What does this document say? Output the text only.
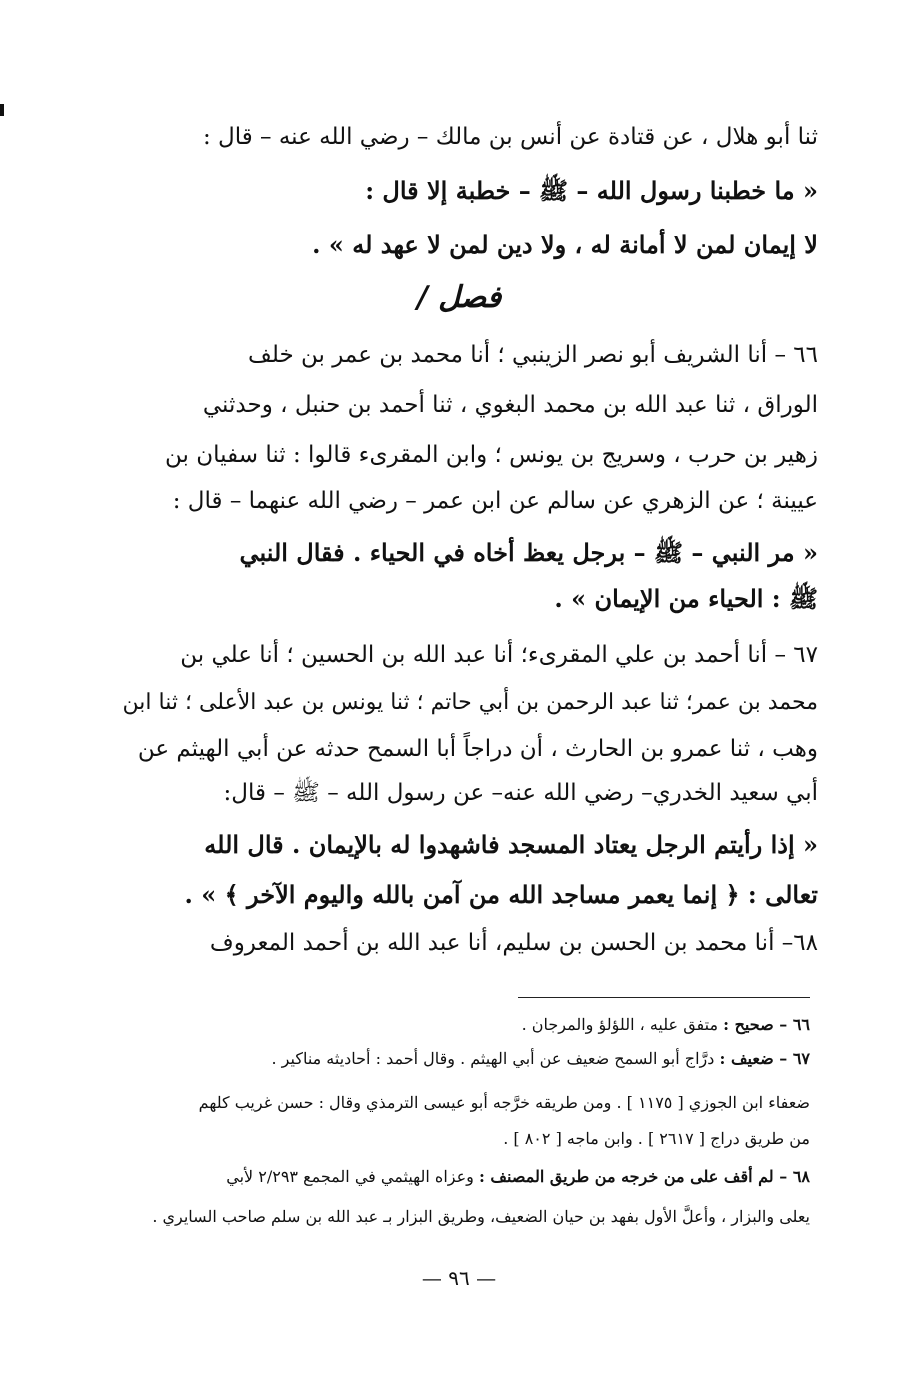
ثنا أبو هلال ، عن قتادة عن أنس بن مالك – رضي الله عنه – قال :
« ما خطبنا رسول الله – ﷺ – خطبة إلا قال :
لا إيمان لمن لا أمانة له ، ولا دين لمن لا عهد له » .
فصل /
٦٦ – أنا الشريف أبو نصر الزينبي ؛ أنا محمد بن عمر بن خلف
الوراق ، ثنا عبد الله بن محمد البغوي ، ثنا أحمد بن حنبل ، وحدثني
زهير بن حرب ، وسريج بن يونس ؛ وابن المقرىء قالوا : ثنا سفيان بن
عيينة ؛ عن الزهري عن سالم عن ابن عمر – رضي الله عنهما – قال :
« مر النبي – ﷺ – برجل يعظ أخاه في الحياء . فقال النبي
ﷺ : الحياء من الإيمان » .
٦٧ – أنا أحمد بن علي المقرىء؛ أنا عبد الله بن الحسين ؛ أنا علي بن
محمد بن عمر؛ ثنا عبد الرحمن بن أبي حاتم ؛ ثنا يونس بن عبد الأعلى ؛ ثنا ابن
وهب ، ثنا عمرو بن الحارث ، أن دراجاً أبا السمح حدثه عن أبي الهيثم عن
أبي سعيد الخدري– رضي الله عنه– عن رسول الله – ﷺ – قال:
« إذا رأيتم الرجل يعتاد المسجد فاشهدوا له بالإيمان . قال الله
تعالى : ﴿ إنما يعمر مساجد الله من آمن بالله واليوم الآخر ﴾ » .
٦٨– أنا محمد بن الحسن بن سليم، أنا عبد الله بن أحمد المعروف
٦٦ – صحيح : متفق عليه ، اللؤلؤ والمرجان .
٦٧ – ضعيف : درَّاج أبو السمح ضعيف عن أبي الهيثم . وقال أحمد : أحاديثه مناكير .
ضعفاء ابن الجوزي [ ١١٧٥ ] . ومن طريقه خرَّجه أبو عيسى الترمذي وقال : حسن غريب كلهم
من طريق دراج [ ٢٦١٧ ] . وابن ماجه [ ٨٠٢ ] .
٦٨ – لم أقف على من خرجه من طريق المصنف : وعزاه الهيثمي في المجمع ٢/٢٩٣ لأبي
يعلى والبزار ، وأعلَّ الأول بفهد بن حيان الضعيف، وطريق البزار بـ عبد الله بن سلم صاحب السايري .
— ٩٦ —
